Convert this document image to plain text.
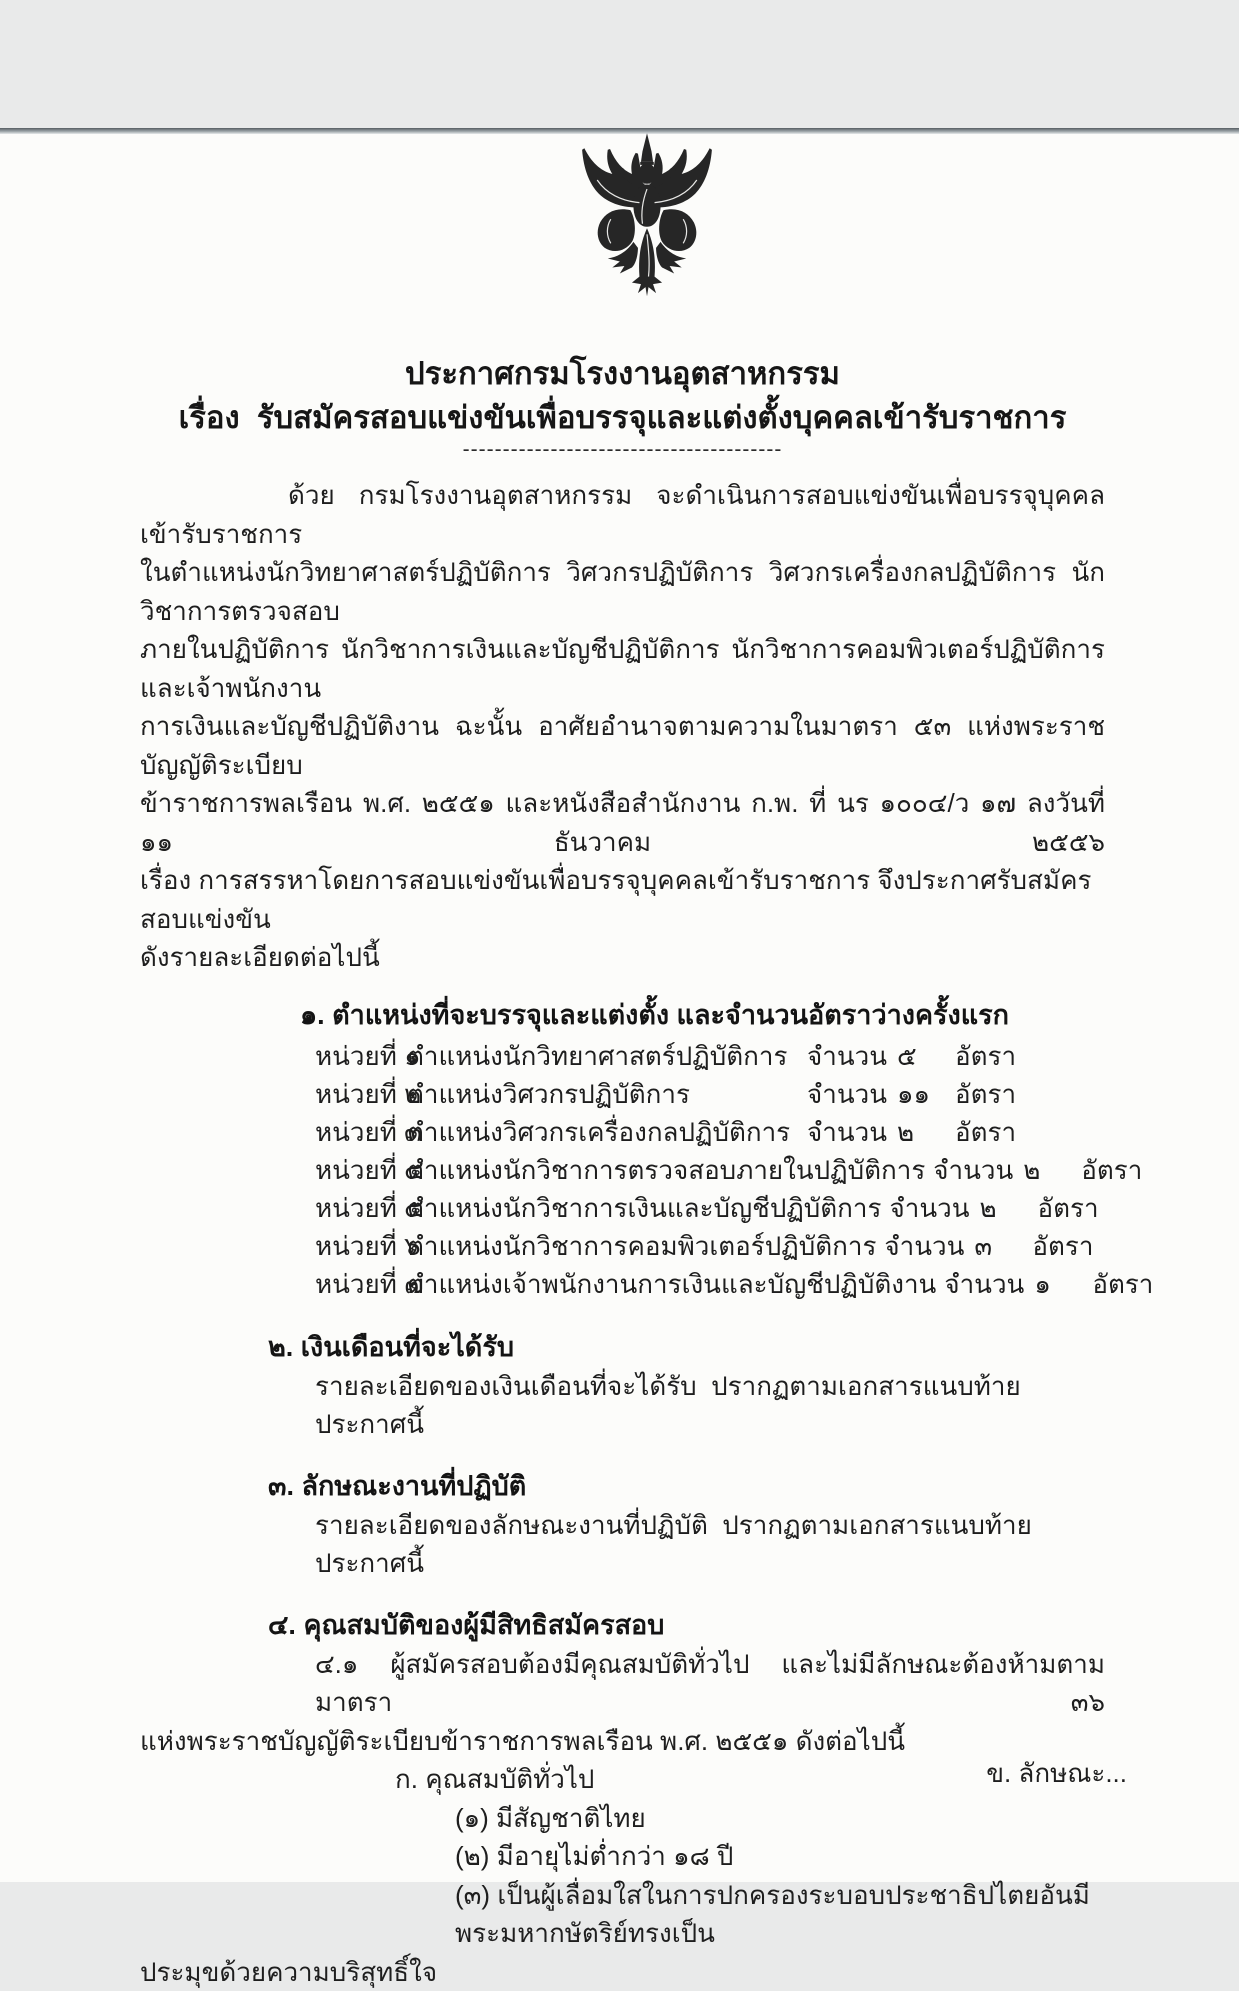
ประกาศกรมโรงงานอุตสาหกรรม
เรื่อง  รับสมัครสอบแข่งขันเพื่อบรรจุและแต่งตั้งบุคคลเข้ารับราชการ
----------------------------------------
ด้วย กรมโรงงานอุตสาหกรรม จะดำเนินการสอบแข่งขันเพื่อบรรจุบุคคลเข้ารับราชการ
ในตำแหน่งนักวิทยาศาสตร์ปฏิบัติการ วิศวกรปฏิบัติการ วิศวกรเครื่องกลปฏิบัติการ นักวิชาการตรวจสอบ
ภายในปฏิบัติการ นักวิชาการเงินและบัญชีปฏิบัติการ นักวิชาการคอมพิวเตอร์ปฏิบัติการ และเจ้าพนักงาน
การเงินและบัญชีปฏิบัติงาน ฉะนั้น อาศัยอำนาจตามความในมาตรา ๕๓ แห่งพระราชบัญญัติระเบียบ
ข้าราชการพลเรือน พ.ศ. ๒๕๕๑ และหนังสือสำนักงาน ก.พ. ที่ นร ๑๐๐๔/ว ๑๗ ลงวันที่ ๑๑ ธันวาคม ๒๕๕๖
เรื่อง การสรรหาโดยการสอบแข่งขันเพื่อบรรจุบุคคลเข้ารับราชการ จึงประกาศรับสมัครสอบแข่งขัน
ดังรายละเอียดต่อไปนี้
๑. ตำแหน่งที่จะบรรจุและแต่งตั้ง และจำนวนอัตราว่างครั้งแรก
หน่วยที่ ๑
ตำแหน่งนักวิทยาศาสตร์ปฏิบัติการ จำนวน ๕	อัตรา
หน่วยที่ ๒
ตำแหน่งวิศวกรปฏิบัติการ	จำนวน ๑๑ อัตรา
หน่วยที่ ๓
ตำแหน่งวิศวกรเครื่องกลปฏิบัติการ จำนวน ๒	อัตรา
หน่วยที่ ๔
ตำแหน่งนักวิชาการตรวจสอบภายในปฏิบัติการ จำนวน ๒	อัตรา
หน่วยที่ ๕
ตำแหน่งนักวิชาการเงินและบัญชีปฏิบัติการ จำนวน ๒	อัตรา
หน่วยที่ ๖
ตำแหน่งนักวิชาการคอมพิวเตอร์ปฏิบัติการ จำนวน ๓	อัตรา
หน่วยที่ ๗
ตำแหน่งเจ้าพนักงานการเงินและบัญชีปฏิบัติงาน จำนวน ๑	อัตรา
๒. เงินเดือนที่จะได้รับ
รายละเอียดของเงินเดือนที่จะได้รับ  ปรากฏตามเอกสารแนบท้ายประกาศนี้
๓. ลักษณะงานที่ปฏิบัติ
รายละเอียดของลักษณะงานที่ปฏิบัติ  ปรากฏตามเอกสารแนบท้ายประกาศนี้
๔. คุณสมบัติของผู้มีสิทธิสมัครสอบ
๔.๑ ผู้สมัครสอบต้องมีคุณสมบัติทั่วไป และไม่มีลักษณะต้องห้ามตามมาตรา ๓๖
แห่งพระราชบัญญัติระเบียบข้าราชการพลเรือน พ.ศ. ๒๕๕๑ ดังต่อไปนี้
ก. คุณสมบัติทั่วไป
(๑) มีสัญชาติไทย
(๒) มีอายุไม่ต่ำกว่า ๑๘ ปี
(๓) เป็นผู้เลื่อมใสในการปกครองระบอบประชาธิปไตยอันมีพระมหากษัตริย์ทรงเป็น
ประมุขด้วยความบริสุทธิ์ใจ
ข. ลักษณะ...
